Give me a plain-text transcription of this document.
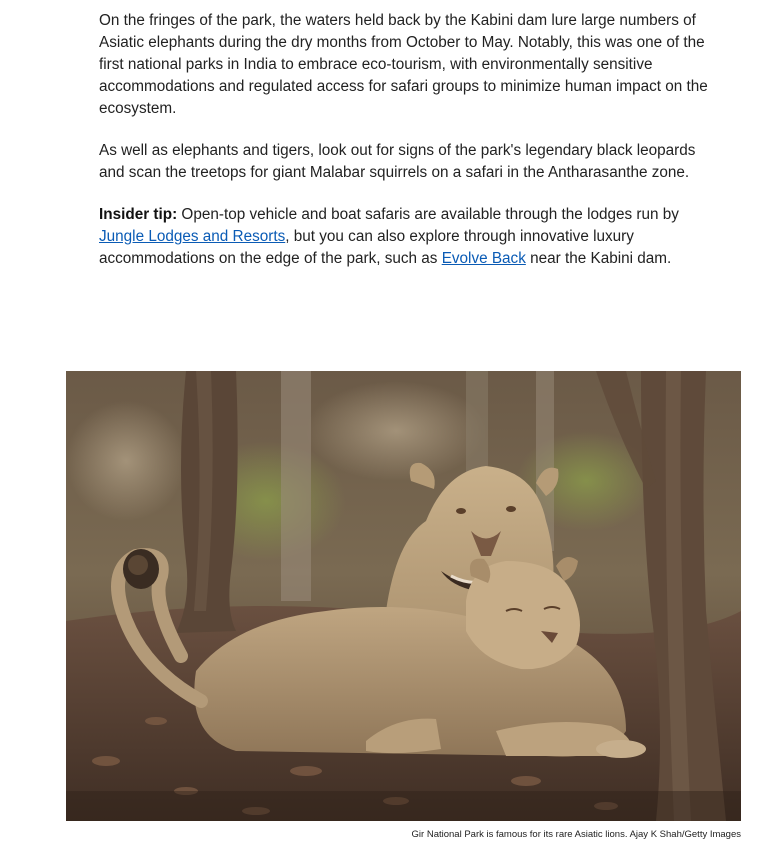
On the fringes of the park, the waters held back by the Kabini dam lure large numbers of Asiatic elephants during the dry months from October to May. Notably, this was one of the first national parks in India to embrace eco-tourism, with environmentally sensitive accommodations and regulated access for safari groups to minimize human impact on the ecosystem.

As well as elephants and tigers, look out for signs of the park's legendary black leopards and scan the treetops for giant Malabar squirrels on a safari in the Antharasanthe zone.

Insider tip: Open-top vehicle and boat safaris are available through the lodges run by Jungle Lodges and Resorts, but you can also explore through innovative luxury accommodations on the edge of the park, such as Evolve Back near the Kabini dam.

Gir National Park is famous for its rare Asiatic lions. Ajay K Shah/Getty Images
